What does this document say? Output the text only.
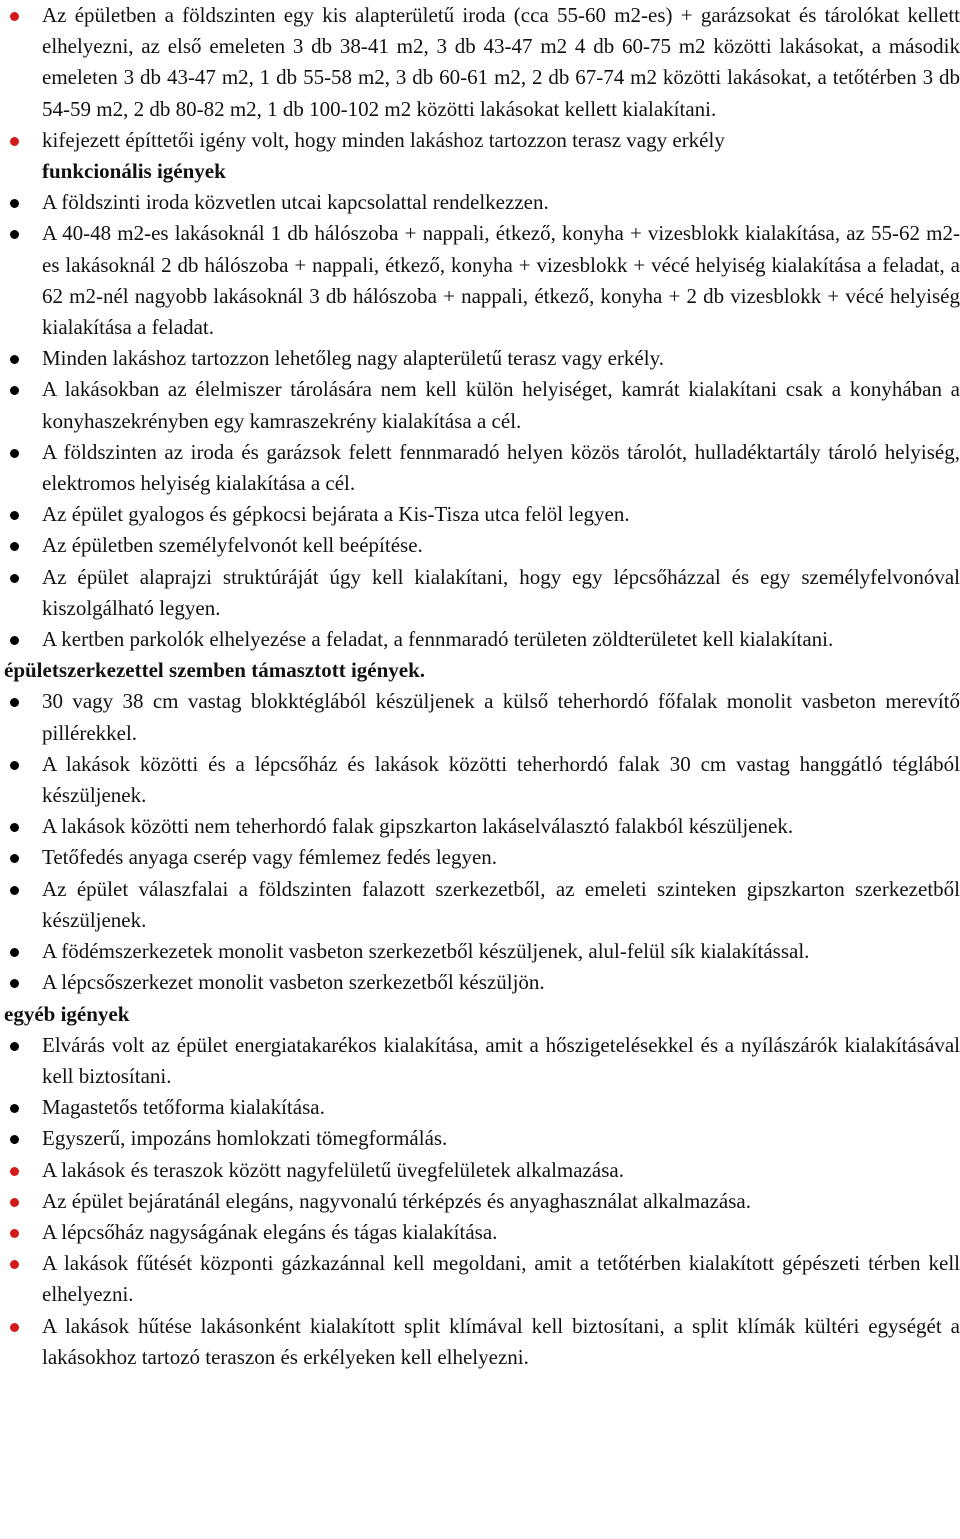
Az épületben a földszinten egy kis alapterületű iroda (cca 55-60 m2-es) + garázsokat és tárolókat kellett elhelyezni, az első emeleten 3 db 38-41 m2, 3 db 43-47 m2 4 db 60-75 m2 közötti lakásokat, a második emeleten 3 db 43-47 m2, 1 db 55-58 m2, 3 db 60-61 m2, 2 db 67-74 m2 közötti lakásokat, a tetőtérben 3 db 54-59 m2, 2 db 80-82 m2, 1 db 100-102 m2 közötti lakásokat kellett kialakítani.
kifejezett építtetői igény volt, hogy minden lakáshoz tartozzon terasz vagy erkély
funkcionális igények
A földszinti iroda közvetlen utcai kapcsolattal rendelkezzen.
A 40-48 m2-es lakásoknál 1 db hálószoba + nappali, étkező, konyha + vizesblokk kialakítása, az 55-62 m2-es lakásoknál 2 db hálószoba + nappali, étkező, konyha + vizesblokk + vécé helyiség kialakítása a feladat, a 62 m2-nél nagyobb lakásoknál 3 db hálószoba + nappali, étkező, konyha + 2 db vizesblokk + vécé helyiség kialakítása a feladat.
Minden lakáshoz tartozzon lehetőleg nagy alapterületű terasz vagy erkély.
A lakásokban az élelmiszer tárolására nem kell külön helyiséget, kamrát kialakítani csak a konyhában a konyhaszekrényben egy kamraszekrény kialakítása a cél.
A földszinten az iroda és garázsok felett fennmaradó helyen közös tárolót, hulladéktartály tároló helyiség, elektromos helyiség kialakítása a cél.
Az épület gyalogos és gépkocsi bejárata a Kis-Tisza utca felöl legyen.
Az épületben személyfelvonót kell beépítése.
Az épület alaprajzi struktúráját úgy kell kialakítani, hogy egy lépcsőházzal és egy személyfelvonóval kiszolgálható legyen.
A kertben parkolók elhelyezése a feladat, a fennmaradó területen zöldterületet kell kialakítani.
épületszerkezettel szemben támasztott igények.
30 vagy 38 cm vastag blokktéglából készüljenek a külső teherhordó főfalak monolit vasbeton merevítő pillérekkel.
A lakások közötti és a lépcsőház és lakások közötti teherhordó falak 30 cm vastag hanggátló téglából készüljenek.
A lakások közötti nem teherhordó falak gipszkarton lakáselválasztó falakból készüljenek.
Tetőfedés anyaga cserép vagy fémlemez fedés legyen.
Az épület válaszfalai a földszinten falazott szerkezetből, az emeleti szinteken gipszkarton szerkezetből készüljenek.
A födémszerkezetek monolit vasbeton szerkezetből készüljenek, alul-felül sík kialakítással.
A lépcsőszerkezet monolit vasbeton szerkezetből készüljön.
egyéb igények
Elvárás volt az épület energiatakarékos kialakítása, amit a hőszigetelésekkel és a nyílászárók kialakításával kell biztosítani.
Magastetős tetőforma kialakítása.
Egyszerű, impozáns homlokzati tömegformálás.
A lakások és teraszok között nagyfelületű üvegfelületek alkalmazása.
Az épület bejáratánál elegáns, nagyvonalú térképzés és anyaghasználat alkalmazása.
A lépcsőház nagyságának elegáns és tágas kialakítása.
A lakások fűtését központi gázkazánnal kell megoldani, amit a tetőtérben kialakított gépészeti térben kell elhelyezni.
A lakások hűtése lakásonként kialakított split klímával kell biztosítani, a split klímák kültéri egységét a lakásokhoz tartozó teraszon és erkélyeken kell elhelyezni.
